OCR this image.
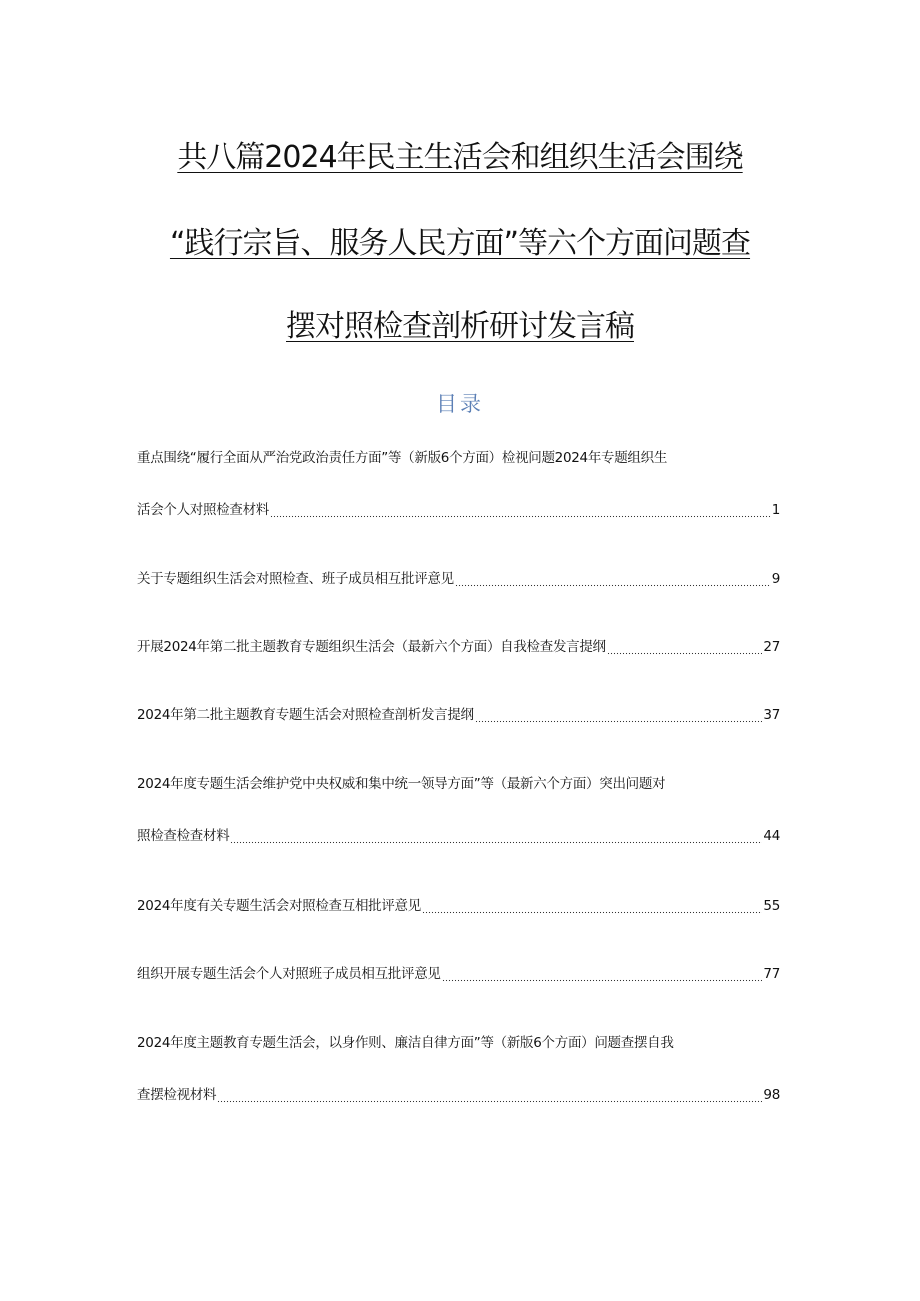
共八篇2024年民主生活会和组织生活会围绕
“践行宗旨、服务人民方面”等六个方面问题查
摆对照检查剖析研讨发言稿
目录
重点围绕“履行全面从严治党政治责任方面”等（新版6个方面）检视问题2024年专题组织生
活会个人对照检查材料	1
关于专题组织生活会对照检查、班子成员相互批评意见	9
开展2024年第二批主题教育专题组织生活会（最新六个方面）自我检查发言提纲	27
2024年第二批主题教育专题生活会对照检查剖析发言提纲	37
2024年度专题生活会维护党中央权威和集中统一领导方面”等（最新六个方面）突出问题对
照检查检查材料	44
2024年度有关专题生活会对照检查互相批评意见	55
组织开展专题生活会个人对照班子成员相互批评意见	77
2024年度主题教育专题生活会，以身作则、廉洁自律方面”等（新版6个方面）问题查摆自我
查摆检视材料	98
